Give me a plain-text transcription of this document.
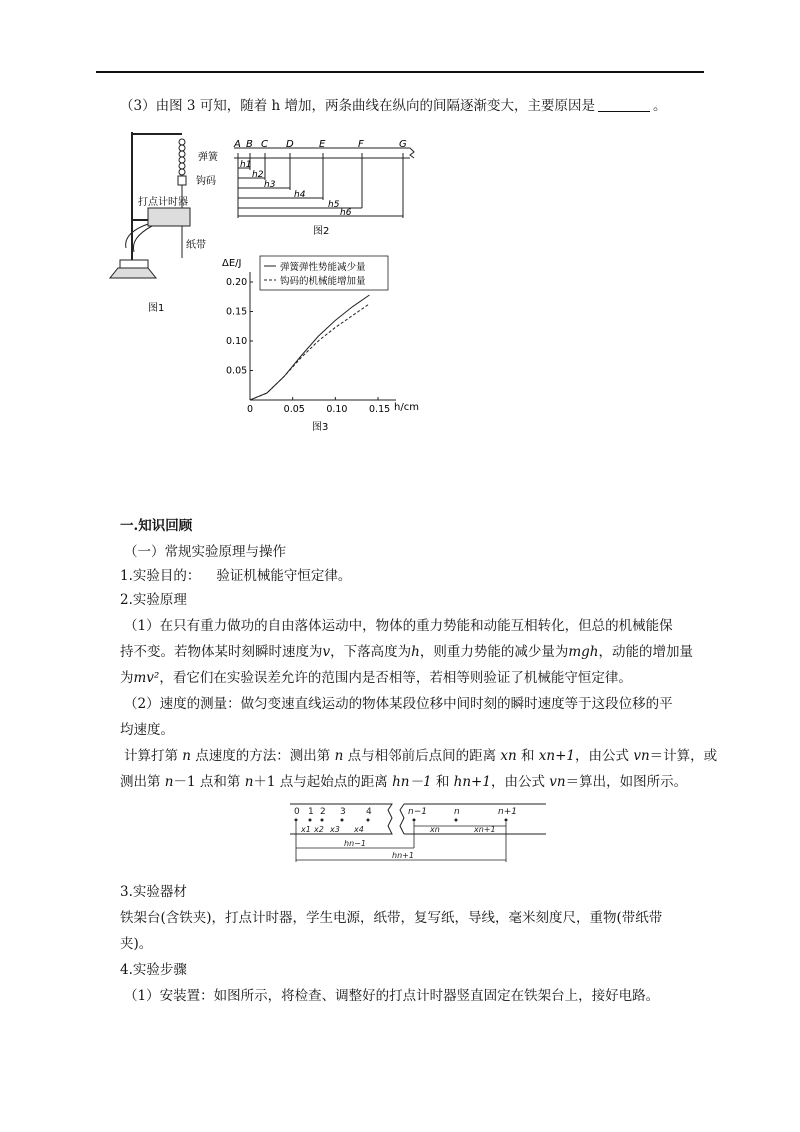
（3）由图 3 可知，随着 h 增加，两条曲线在纵向的间隔逐渐变大，主要原因是	。
弹簧
钩码
打点计时器
纸带
图1
A B C D	E	F	G
h1
h2
h3
h4
h5
h6
图2
0	0.05 0.10 0.15
0.05
0.10
0.15
0.20
ΔE/J
h/cm
弹簧弹性势能减少量
钩码的机械能增加量
图3
一.知识回顾
（一）常规实验原理与操作
1.实验目的： 验证机械能守恒定律。
2.实验原理
（1）在只有重力做功的自由落体运动中，物体的重力势能和动能互相转化，但总的机械能保
持不变。若物体某时刻瞬时速度为v，下落高度为h，则重力势能的减少量为mgh，动能的增加量
为mv²，看它们在实验误差允许的范围内是否相等，若相等则验证了机械能守恒定律。
（2）速度的测量：做匀变速直线运动的物体某段位移中间时刻的瞬时速度等于这段位移的平
均速度。
计算打第 n 点速度的方法：测出第 n 点与相邻前后点间的距离 xn 和 xn+1，由公式 vn＝计算，或
测出第 n－1 点和第 n＋1 点与起始点的距离 hn－1 和 hn+1，由公式 vn＝算出，如图所示。
0 1 2 3 4
x1 x2 x3 x4
n−1	n	n+1
xn	xn+1
hn−1
hn+1
3.实验器材
铁架台(含铁夹)，打点计时器，学生电源，纸带，复写纸，导线，毫米刻度尺，重物(带纸带
夹)。
4.实验步骤
（1）安装置：如图所示，将检查、调整好的打点计时器竖直固定在铁架台上，接好电路。
